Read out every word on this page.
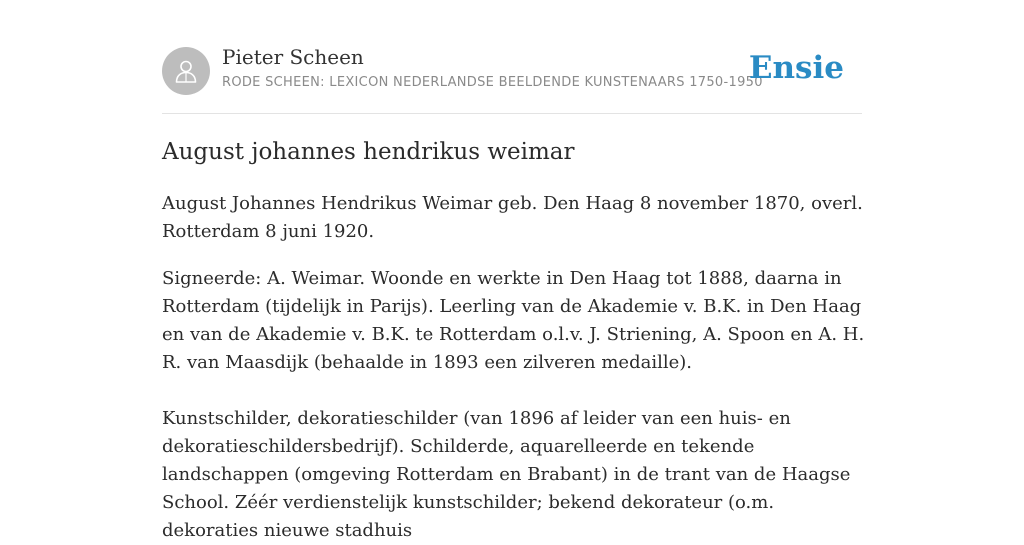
Pieter Scheen
RODE SCHEEN: LEXICON NEDERLANDSE BEELDENDE KUNSTENAARS 1750-1950
Ensie
August johannes hendrikus weimar

August Johannes Hendrikus Weimar geb. Den Haag 8 november 1870, overl. Rotterdam 8 juni 1920.

Signeerde: A. Weimar. Woonde en werkte in Den Haag tot 1888, daarna in Rotterdam (tijdelijk in Parijs). Leerling van de Akademie v. B.K. in Den Haag en van de Akademie v. B.K. te Rotterdam o.l.v. J. Striening, A. Spoon en A. H. R. van Maasdijk (behaalde in 1893 een zilveren medaille).

Kunstschilder, dekoratieschilder (van 1896 af leider van een huis- en dekoratieschildersbedrijf). Schilderde, aquarelleerde en tekende landschappen (omgeving Rotterdam en Brabant) in de trant van de Haagse School. Zéér verdienstelijk kunstschilder; bekend dekorateur (o.m. dekoraties nieuwe stadhuis
